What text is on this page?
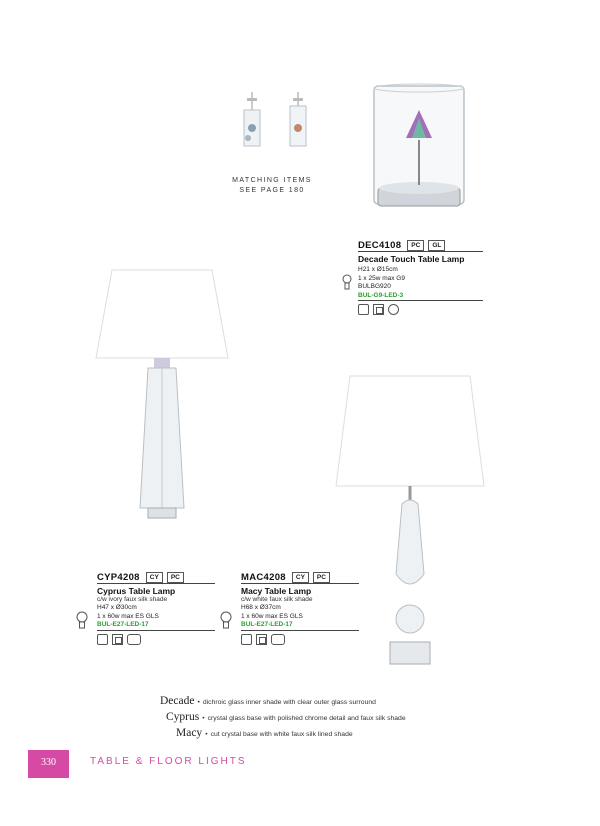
MATCHING ITEMS
SEE PAGE 180
DEC4108	PC	GL
Decade Touch Table Lamp
H21 x Ø15cm
1 x 25w max G9
BULBG920
BUL-G9-LED-3
CYP4208	CY	PC
Cyprus Table Lamp
c/w ivory faux silk shade
H47 x Ø30cm
1 x 60w max ES GLS
BUL-E27-LED-17
MAC4208	CY	PC
Macy Table Lamp
c/w white faux silk shade
H68 x Ø37cm
1 x 60w max ES GLS
BUL-E27-LED-17
Decade • dichroic glass inner shade with clear outer glass surround
Cyprus • crystal glass base with polished chrome detail and faux silk shade
Macy • cut crystal base with white faux silk lined shade
330	TABLE & FLOOR LIGHTS
